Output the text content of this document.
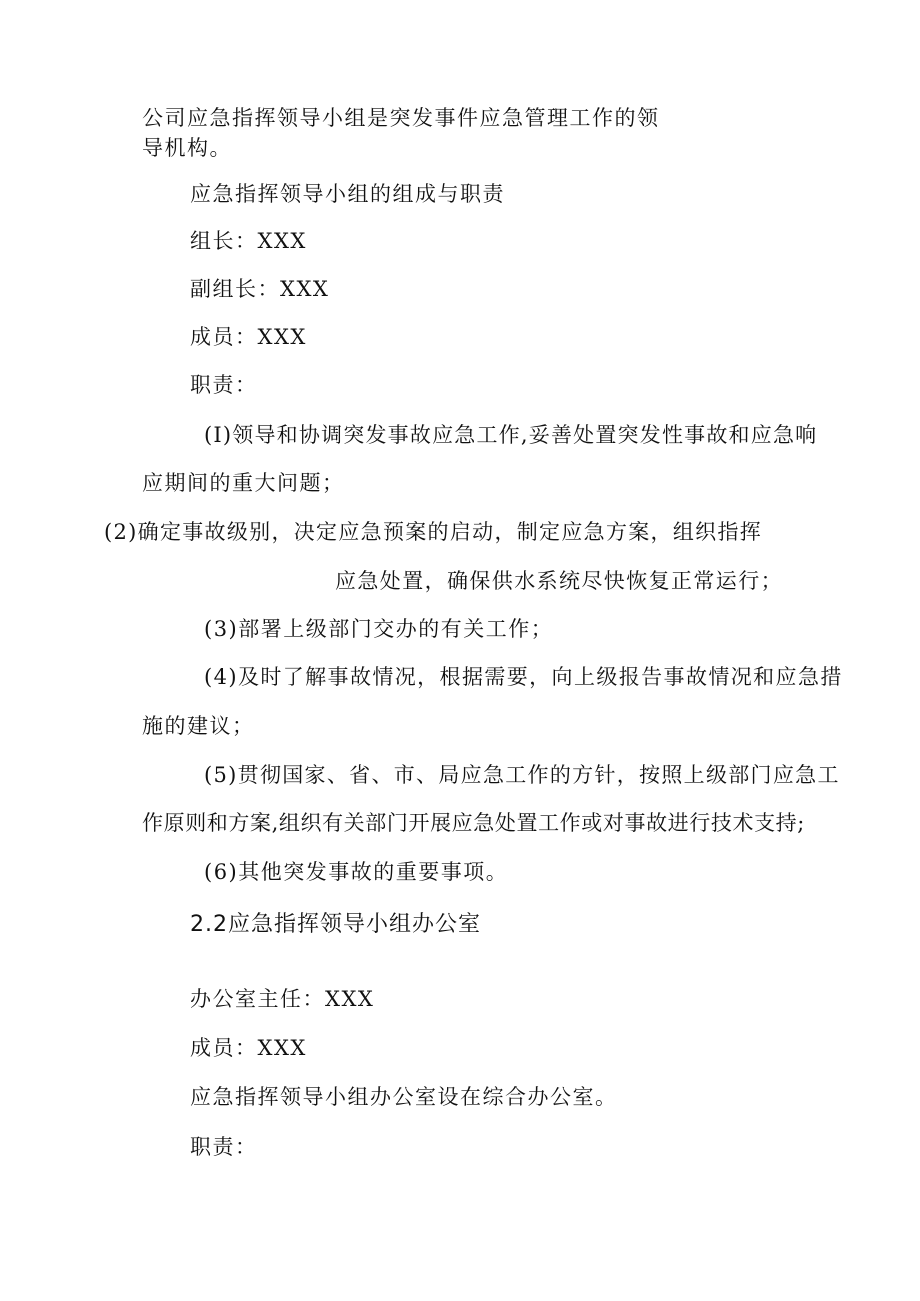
公司应急指挥领导小组是突发事件应急管理工作的领
导机构。
应急指挥领导小组的组成与职责
组长：XXX
副组长：XXX
成员：XXX
职责：
(I)领导和协调突发事故应急工作,妥善处置突发性事故和应急响
应期间的重大问题；
(2)确定事故级别，决定应急预案的启动，制定应急方案，组织指挥
应急处置，确保供水系统尽快恢复正常运行；
(3)部署上级部门交办的有关工作；
(4)及时了解事故情况，根据需要，向上级报告事故情况和应急措
施的建议；
(5)贯彻国家、省、市、局应急工作的方针，按照上级部门应急工
作原则和方案,组织有关部门开展应急处置工作或对事故进行技术支持;
(6)其他突发事故的重要事项。
2.2应急指挥领导小组办公室
办公室主任：XXX
成员：XXX
应急指挥领导小组办公室设在综合办公室。
职责：
